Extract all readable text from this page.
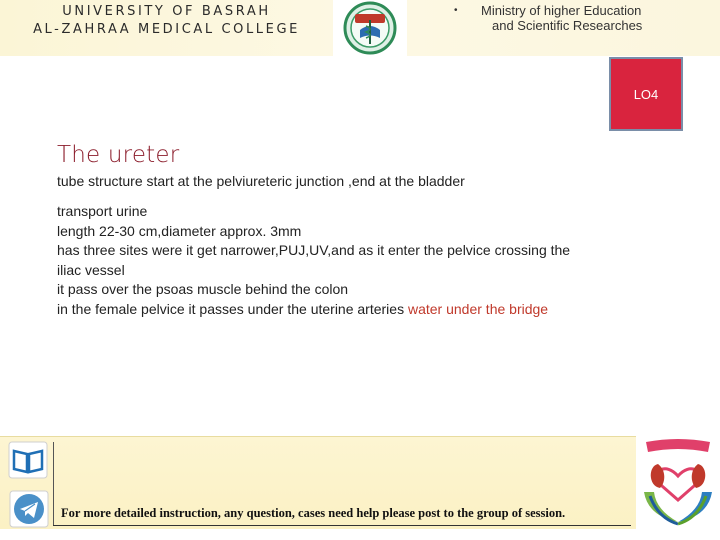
UNIVERSITY OF BASRAH
AL-ZAHRAA MEDICAL COLLEGE
•	Ministry of higher Education
and Scientific Researches
LO4
The ureter
tube structure start at the pelviureteric junction ,end at the bladder
transport urine
length 22-30 cm,diameter approx. 3mm
has three sites were it get narrower,PUJ,UV,and as it enter the pelvice crossing the
iliac vessel
it pass over the psoas muscle behind the colon
in the female pelvice it passes under the uterine arteries water under the bridge
For more detailed instruction, any question, cases need help please post to the group of session.
